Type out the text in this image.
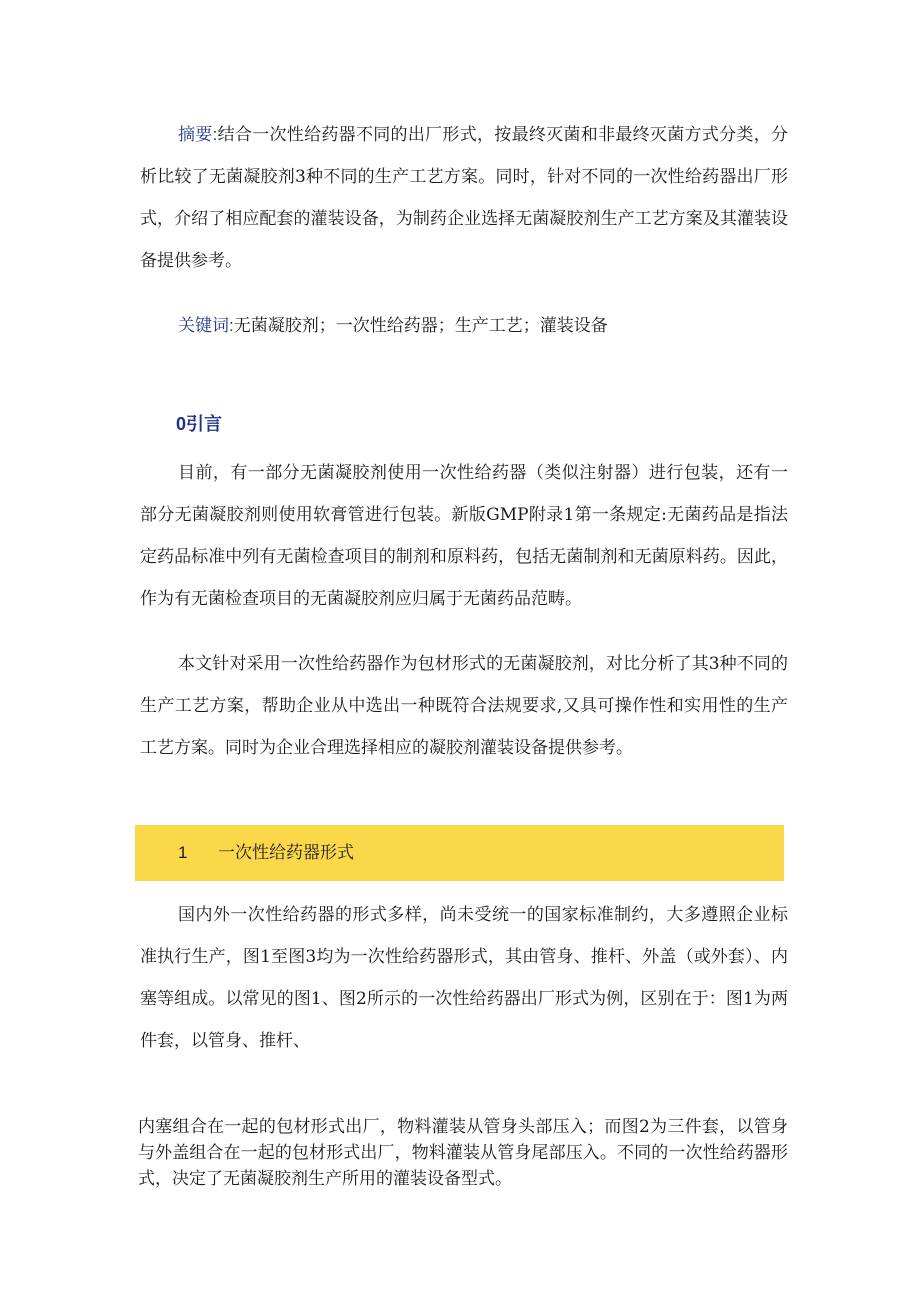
摘要:结合一次性给药器不同的出厂形式，按最终灭菌和非最终灭菌方式分类，分析比较了无菌凝胶剂3种不同的生产工艺方案。同时，针对不同的一次性给药器出厂形式，介绍了相应配套的灌装设备，为制药企业选择无菌凝胶剂生产工艺方案及其灌装设备提供参考。

关键词:无菌凝胶剂；一次性给药器；生产工艺；灌装设备

0引言

目前，有一部分无菌凝胶剂使用一次性给药器（类似注射器）进行包装，还有一部分无菌凝胶剂则使用软膏管进行包装。新版GMP附录1第一条规定:无菌药品是指法定药品标准中列有无菌检查项目的制剂和原料药，包括无菌制剂和无菌原料药。因此，作为有无菌检查项目的无菌凝胶剂应归属于无菌药品范畴。

本文针对采用一次性给药器作为包材形式的无菌凝胶剂，对比分析了其3种不同的生产工艺方案，帮助企业从中选出一种既符合法规要求,又具可操作性和实用性的生产工艺方案。同时为企业合理选择相应的凝胶剂灌装设备提供参考。

1 一次性给药器形式

国内外一次性给药器的形式多样，尚未受统一的国家标准制约，大多遵照企业标准执行生产，图1至图3均为一次性给药器形式，其由管身、推杆、外盖（或外套）、内塞等组成。以常见的图1、图2所示的一次性给药器出厂形式为例，区别在于：图1为两件套，以管身、推杆、

内塞组合在一起的包材形式出厂，物料灌装从管身头部压入；而图2为三件套，以管身与外盖组合在一起的包材形式出厂，物料灌装从管身尾部压入。不同的一次性给药器形式，决定了无菌凝胶剂生产所用的灌装设备型式。
